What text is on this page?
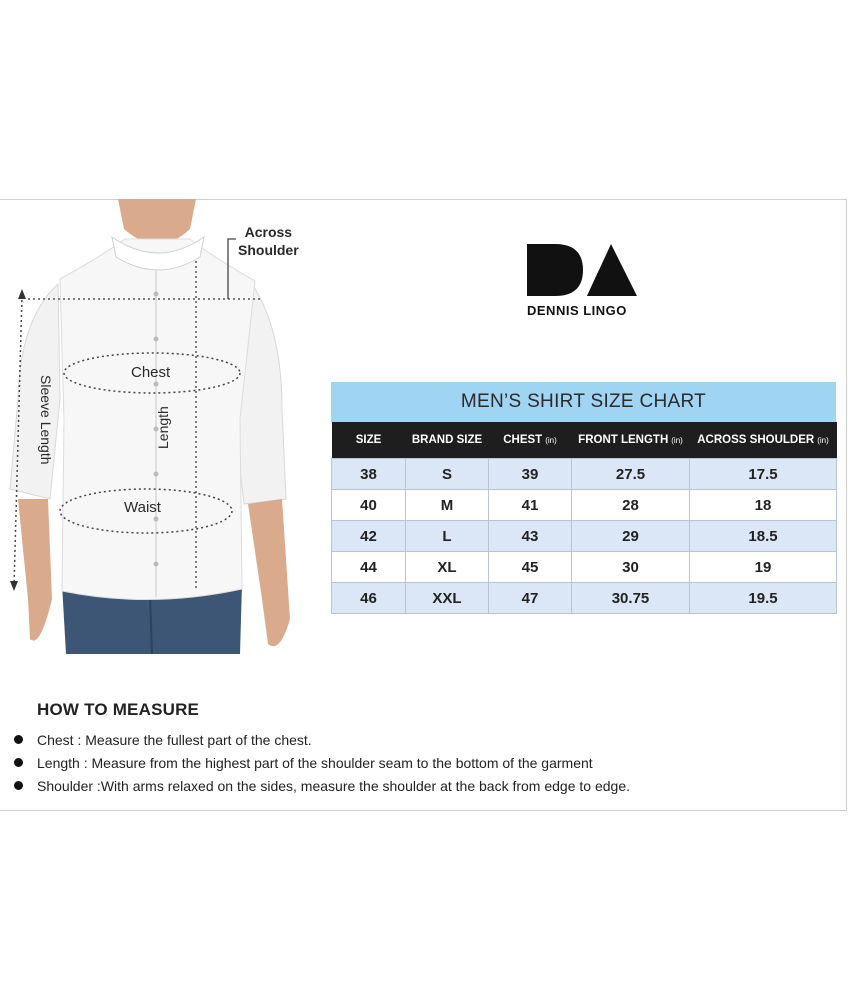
Across
Shoulder
Chest
Waist
Length
Sleeve Length
DENNIS LINGO
MEN’S SHIRT SIZE CHART
SIZE	BRAND SIZE	CHEST (in)	FRONT LENGTH (in)	ACROSS SHOULDER (in)
38	S	39	27.5	17.5
40	M	41	28	18
42	L	43	29	18.5
44	XL	45	30	19
46	XXL	47	30.75	19.5
HOW TO MEASURE
Chest : Measure the fullest part of the chest.
Length : Measure from the highest part of the shoulder seam to the bottom of the garment
Shoulder :With arms relaxed on the sides, measure the shoulder at the back from edge to edge.
